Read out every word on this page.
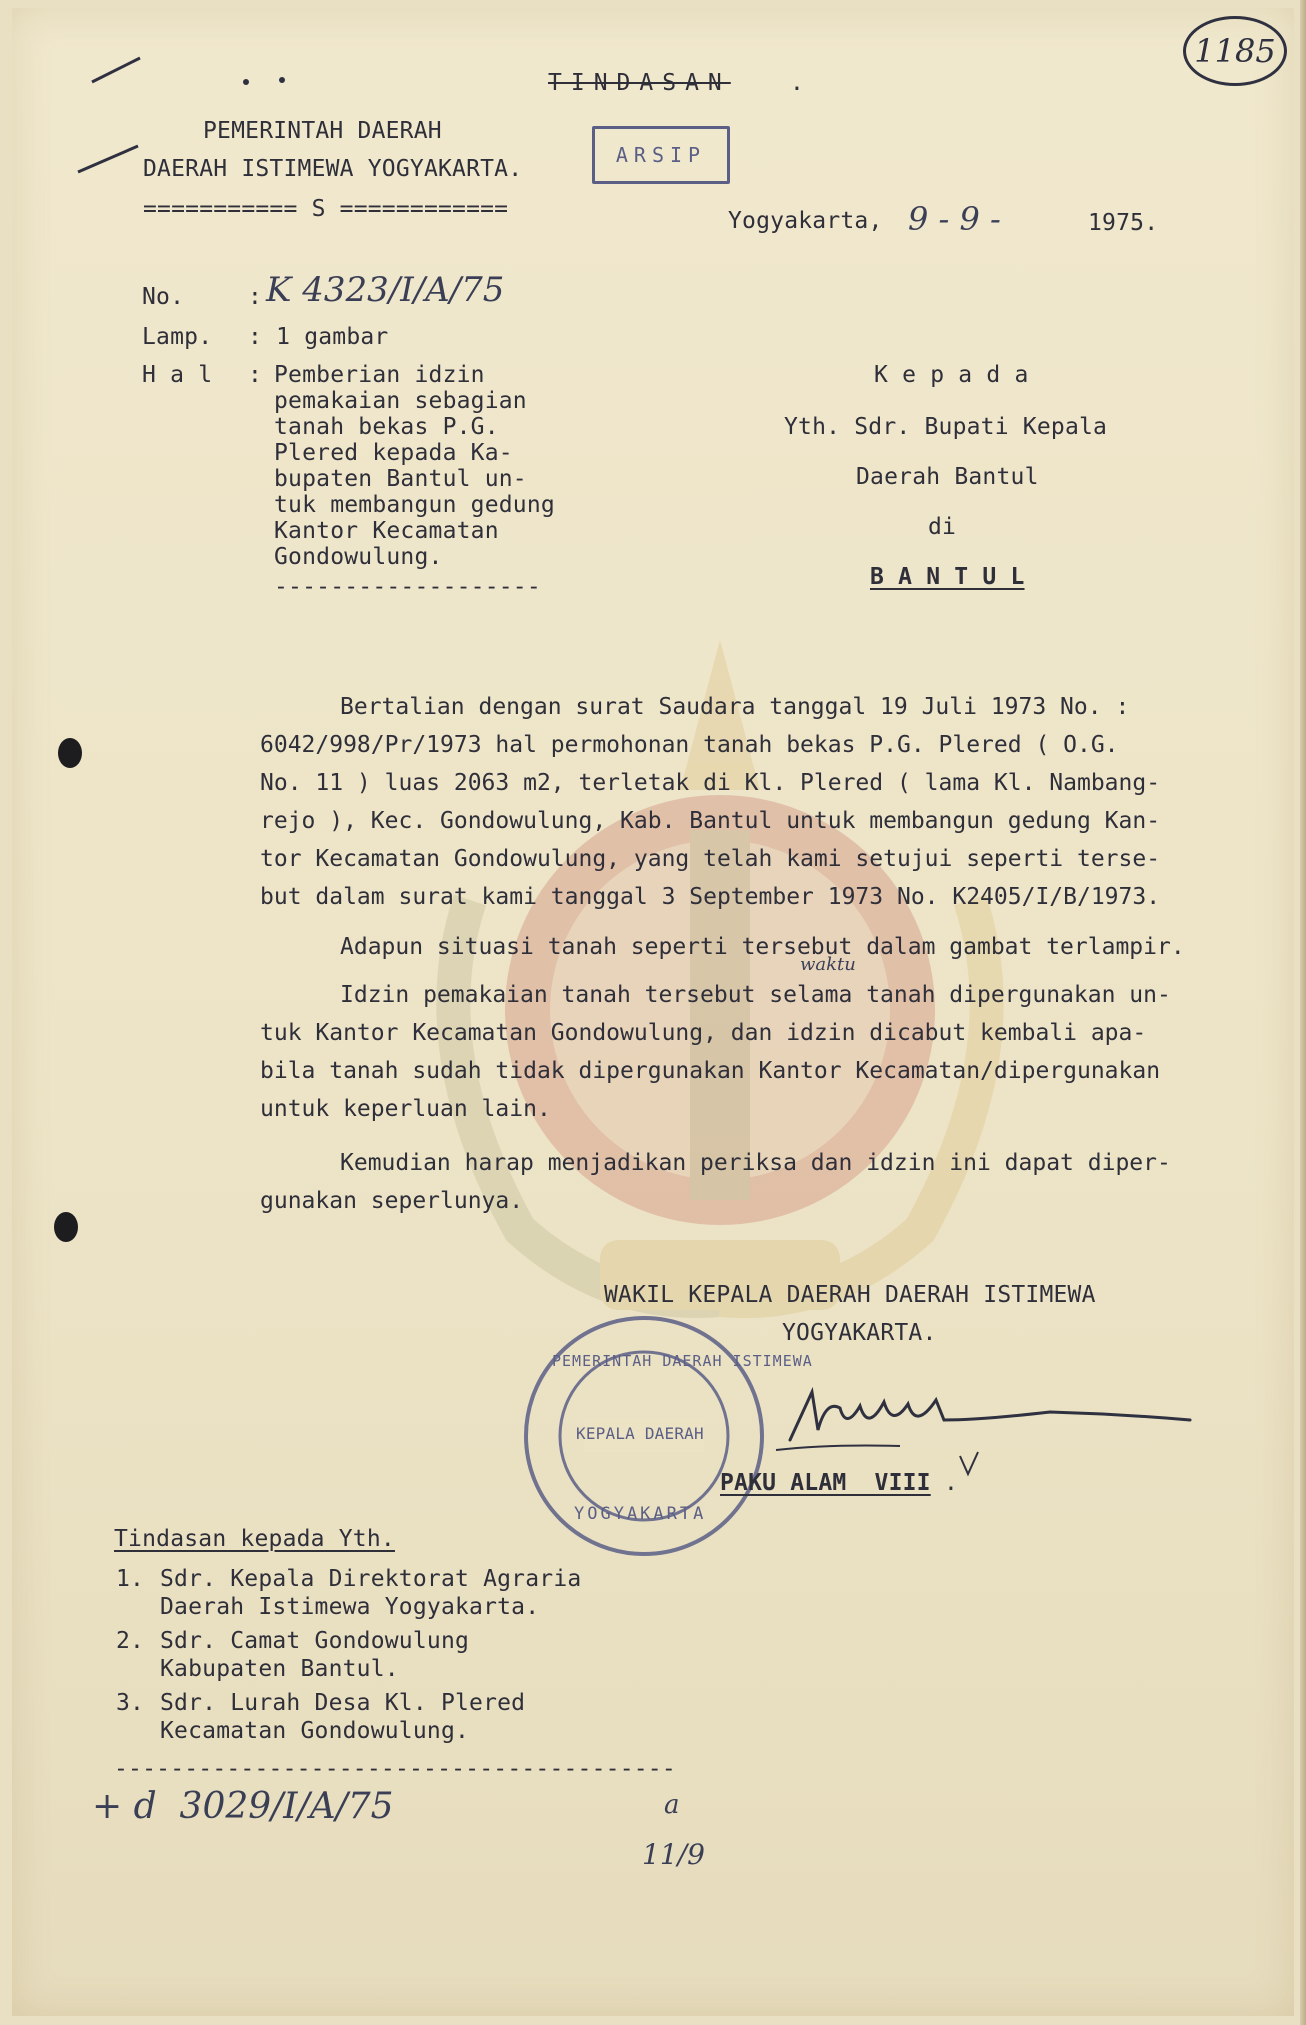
TINDASAN	.
PEMERINTAH DAERAH
DAERAH ISTIMEWA YOGYAKARTA.
=========== S ============
ARSIP
1185
Yogyakarta, 9 - 9 -	1975.
No.	: K 4323/I/A/75
Lamp. : 1 gambar
H a l : Pemberian idzin
pemakaian sebagian
tanah bekas P.G.
Plered kepada Ka-
bupaten Bantul un-
tuk membangun gedung
Kantor Kecamatan
Gondowulung.
-------------------
K e p a d a
Yth. Sdr. Bupati Kepala
Daerah Bantul
di
B A N T U L
Bertalian dengan surat Saudara tanggal 19 Juli 1973 No. :
6042/998/Pr/1973 hal permohonan tanah bekas P.G. Plered ( O.G.
No. 11 ) luas 2063 m2, terletak di Kl. Plered ( lama Kl. Nambang-
rejo ), Kec. Gondowulung, Kab. Bantul untuk membangun gedung Kan-
tor Kecamatan Gondowulung, yang telah kami setujui seperti terse-
but dalam surat kami tanggal 3 September 1973 No. K2405/I/B/1973.
Adapun situasi tanah seperti tersebut dalam gambat terlampir.
waktu
Idzin pemakaian tanah tersebut selama tanah dipergunakan un-
tuk Kantor Kecamatan Gondowulung, dan idzin dicabut kembali apa-
bila tanah sudah tidak dipergunakan Kantor Kecamatan/dipergunakan
untuk keperluan lain.
Kemudian harap menjadikan periksa dan idzin ini dapat diper-
gunakan seperlunya.
WAKIL KEPALA DAERAH DAERAH ISTIMEWA
YOGYAKARTA.
PEMERINTAH DAERAH ISTIMEWA
KEPALA DAERAH
YOGYAKARTA
PAKU ALAM  VIII .
Tindasan kepada Yth.
1. Sdr. Kepala Direktorat Agraria
Daerah Istimewa Yogyakarta.
2. Sdr. Camat Gondowulung
Kabupaten Bantul.
3. Sdr. Lurah Desa Kl. Plered
Kecamatan Gondowulung.
----------------------------------------
+ d  3029/I/A/75	a
11/9
